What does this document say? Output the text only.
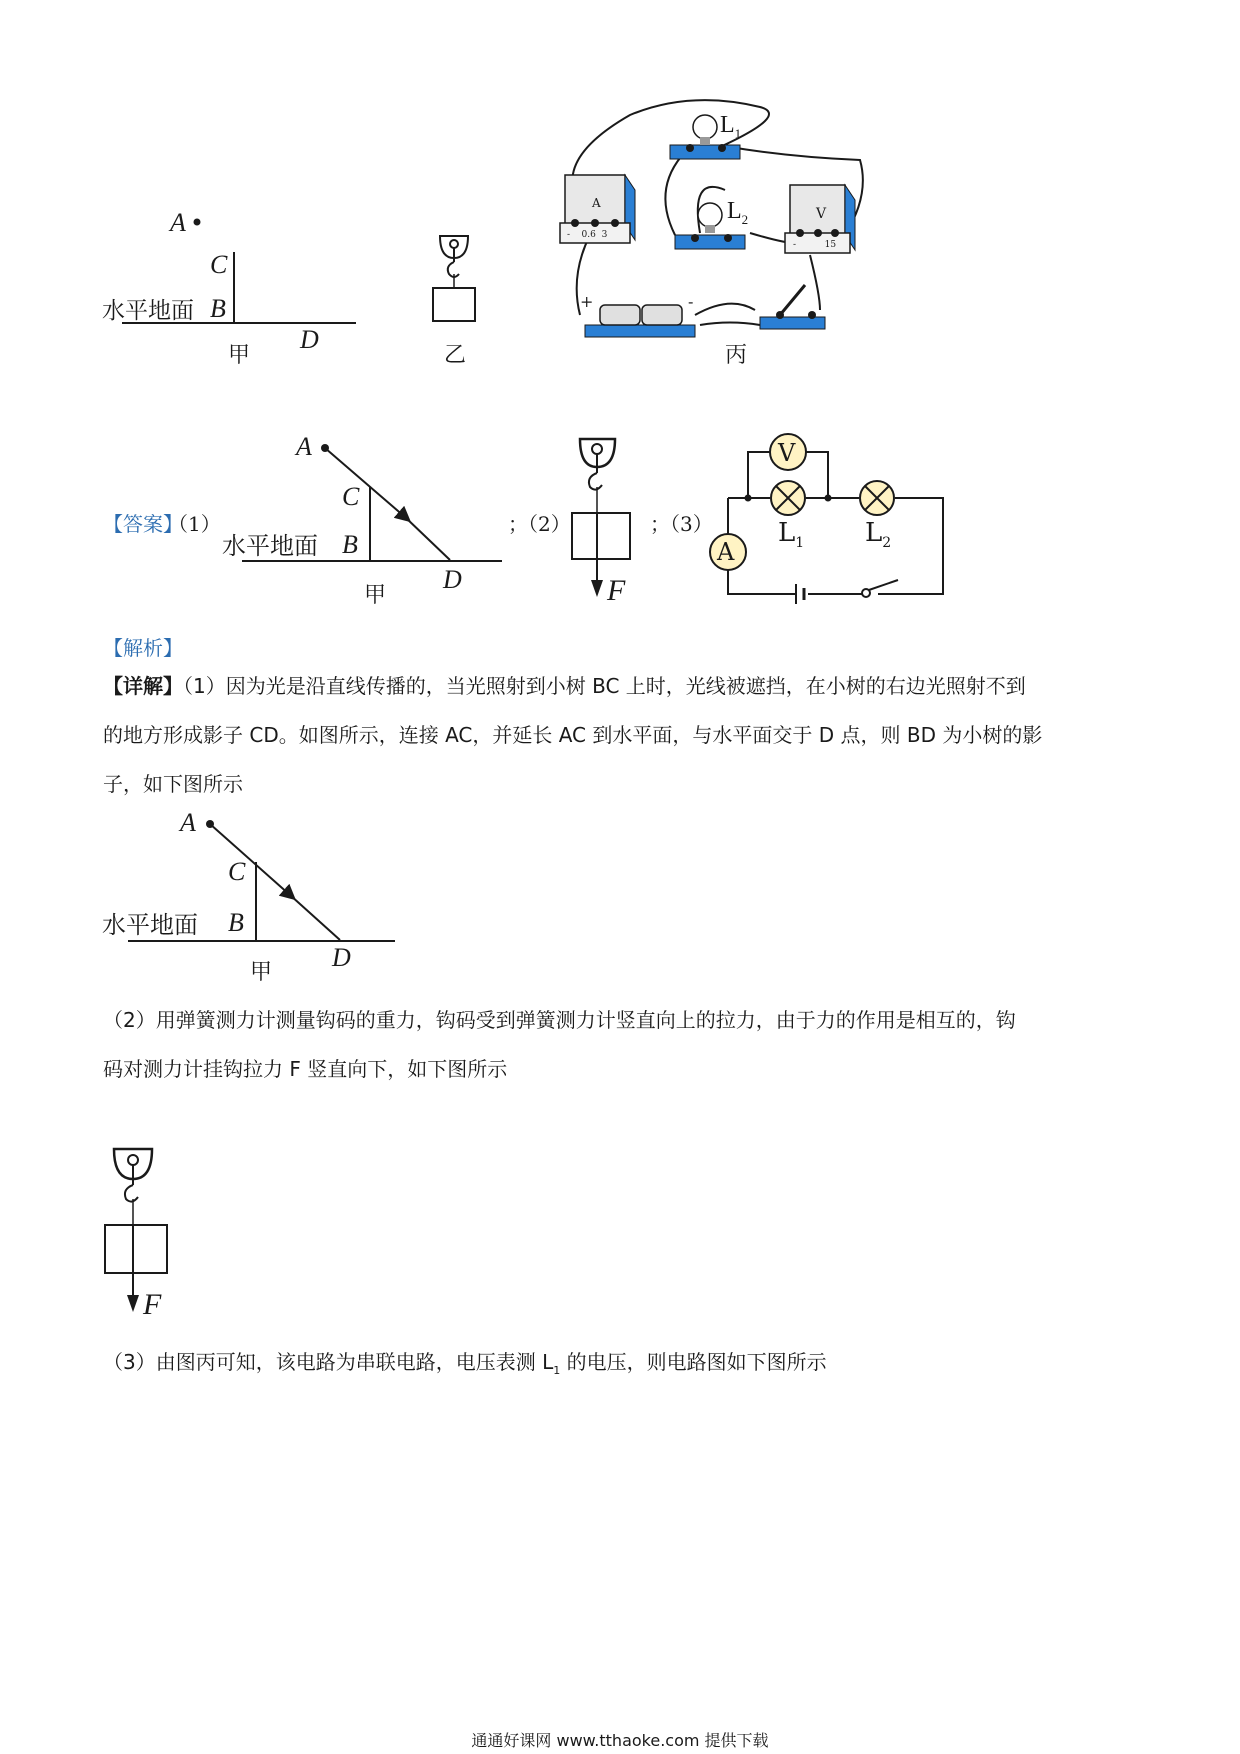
A
C
B
D
水平地面
甲	乙
$L_1$
$L_2$
A
V
- 0.6 3
-	15
+	-
丙
【答案】
（1）
A
C
B
D
水平地面
甲
；（2）
F
；（3）
V
A
$L_1$ $L_2$
【解析】
【详解】（1）因为光是沿直线传播的，当光照射到小树 BC 上时，光线被遮挡，在小树的右边光照射不到
的地方形成影子 CD。如图所示，连接 AC，并延长 AC 到水平面，与水平面交于 D 点，则 BD 为小树的影
子，如下图所示
A
C
B
D
水平地面
甲
（2）用弹簧测力计测量钩码的重力，钩码受到弹簧测力计竖直向上的拉力，由于力的作用是相互的，钩
码对测力计挂钩拉力 F 竖直向下，如下图所示
F
（3）由图丙可知，该电路为串联电路，电压表测 $L_1$ 的电压，则电路图如下图所示
通通好课网 www.tthaoke.com 提供下载
